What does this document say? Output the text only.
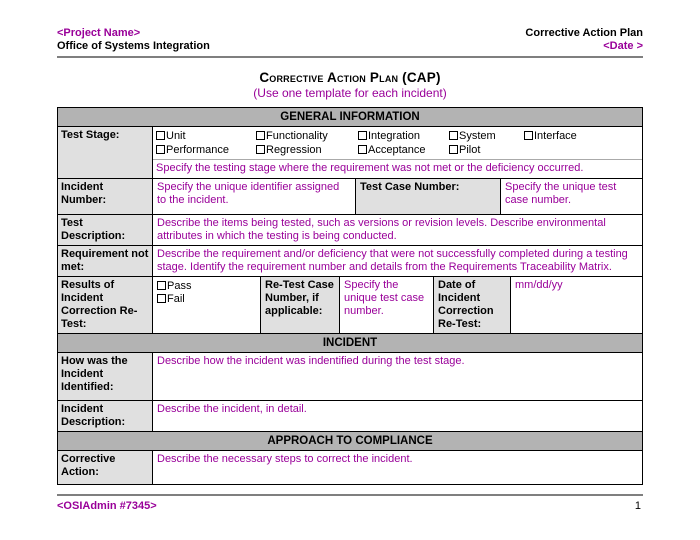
<Project Name>
Office of Systems Integration
Corrective Action Plan
<Date >
Corrective Action Plan (CAP)
(Use one template for each incident)
GENERAL INFORMATION
Test Stage:	Unit	Functionality	Integration	System	Interface
Performance	Regression	Acceptance	Pilot
Specify the testing stage where the requirement was not met or the deficiency occurred.
Incident Number:
Specify the unique identifier assigned to the incident.
Test Case Number:	Specify the unique test case number.
Test Description:
Describe the items being tested, such as versions or revision levels. Describe environmental attributes in which the testing is being conducted.
Requirement not met:
Describe the requirement and/or deficiency that were not successfully completed during a testing stage. Identify the requirement number and details from the Requirements Traceability Matrix.
Results of Incident Correction Re-Test:
PassFail
Re-Test Case Number, if applicable:
Specify the unique test case number.
Date of Incident Correction Re-Test:
mm/dd/yy
INCIDENT
How was the Incident Identified:
Describe how the incident was indentified during the test stage.
Incident Description:
Describe the incident, in detail.
APPROACH TO COMPLIANCE
Corrective Action:
Describe the necessary steps to correct the incident.
<OSIAdmin #7345>	1
